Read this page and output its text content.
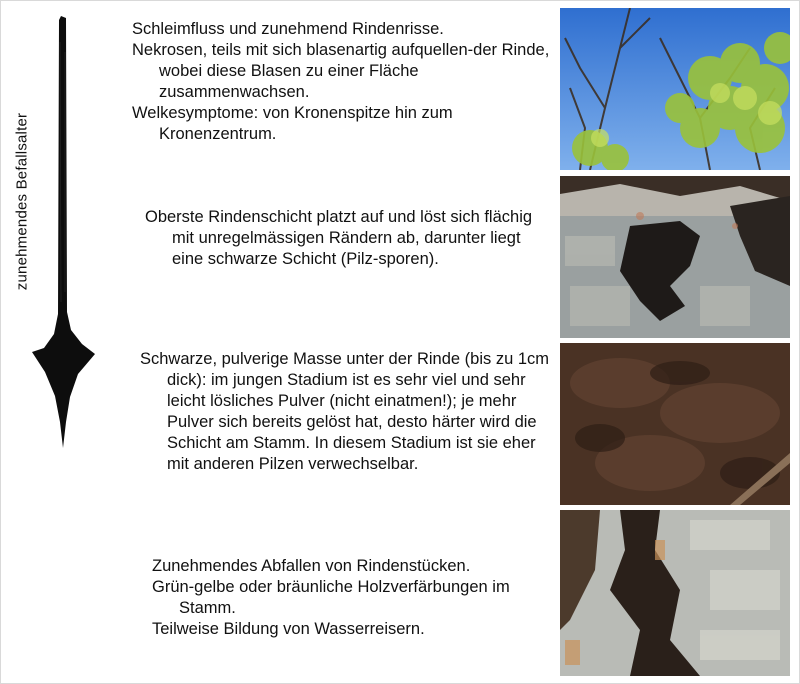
zunehmendes Befallsalter

Schleimfluss und zunehmend Rindenrisse.

Nekrosen, teils mit sich blasenartig aufquellen-der Rinde, wobei diese Blasen zu einer Fläche zusammenwachsen.

Welkesymptome: von Kronenspitze hin zum Kronenzentrum.

Oberste Rindenschicht platzt auf und löst sich flächig mit unregelmässigen Rändern ab, darunter liegt eine schwarze Schicht (Pilz-sporen).

Schwarze, pulverige Masse unter der Rinde (bis zu 1cm dick): im jungen Stadium ist es sehr viel und sehr leicht lösliches Pulver (nicht einatmen!); je mehr Pulver sich bereits gelöst hat, desto härter wird die Schicht am Stamm. In diesem Stadium ist sie eher mit anderen Pilzen verwechselbar.

Zunehmendes Abfallen von Rindenstücken.

Grün-gelbe oder bräunliche Holzverfärbungen im Stamm.

Teilweise Bildung von Wasserreisern.
